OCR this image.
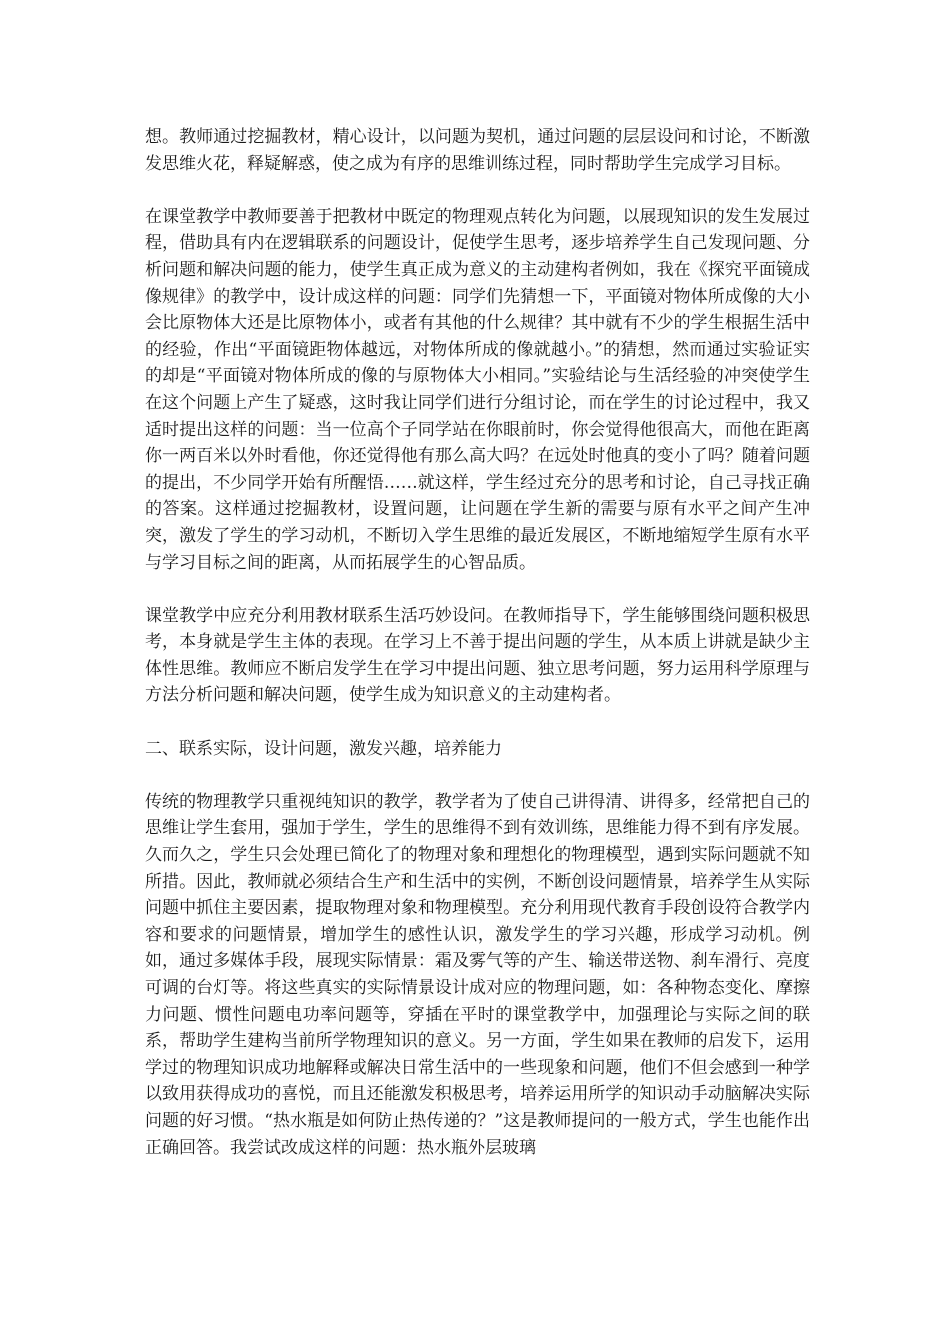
想。教师通过挖掘教材，精心设计，以问题为契机，通过问题的层层设问和讨论，不断激发思维火花，释疑解惑，使之成为有序的思维训练过程，同时帮助学生完成学习目标。

在课堂教学中教师要善于把教材中既定的物理观点转化为问题，以展现知识的发生发展过程，借助具有内在逻辑联系的问题设计，促使学生思考，逐步培养学生自己发现问题、分析问题和解决问题的能力，使学生真正成为意义的主动建构者例如，我在《探究平面镜成像规律》的教学中，设计成这样的问题：同学们先猜想一下，平面镜对物体所成像的大小会比原物体大还是比原物体小，或者有其他的什么规律？其中就有不少的学生根据生活中的经验，作出“平面镜距物体越远，对物体所成的像就越小。”的猜想，然而通过实验证实的却是“平面镜对物体所成的像的与原物体大小相同。”实验结论与生活经验的冲突使学生在这个问题上产生了疑惑，这时我让同学们进行分组讨论，而在学生的讨论过程中，我又适时提出这样的问题：当一位高个子同学站在你眼前时，你会觉得他很高大，而他在距离你一两百米以外时看他，你还觉得他有那么高大吗？在远处时他真的变小了吗？随着问题的提出，不少同学开始有所醒悟……就这样，学生经过充分的思考和讨论，自己寻找正确的答案。这样通过挖掘教材，设置问题，让问题在学生新的需要与原有水平之间产生冲突，激发了学生的学习动机，不断切入学生思维的最近发展区，不断地缩短学生原有水平与学习目标之间的距离，从而拓展学生的心智品质。

课堂教学中应充分利用教材联系生活巧妙设问。在教师指导下，学生能够围绕问题积极思考，本身就是学生主体的表现。在学习上不善于提出问题的学生，从本质上讲就是缺少主体性思维。教师应不断启发学生在学习中提出问题、独立思考问题，努力运用科学原理与方法分析问题和解决问题，使学生成为知识意义的主动建构者。

二、联系实际，设计问题，激发兴趣，培养能力

传统的物理教学只重视纯知识的教学，教学者为了使自己讲得清、讲得多，经常把自己的思维让学生套用，强加于学生，学生的思维得不到有效训练，思维能力得不到有序发展。久而久之，学生只会处理已简化了的物理对象和理想化的物理模型，遇到实际问题就不知所措。因此，教师就必须结合生产和生活中的实例，不断创设问题情景，培养学生从实际问题中抓住主要因素，提取物理对象和物理模型。充分利用现代教育手段创设符合教学内容和要求的问题情景，增加学生的感性认识，激发学生的学习兴趣，形成学习动机。例如，通过多媒体手段，展现实际情景：霜及雾气等的产生、输送带送物、刹车滑行、亮度可调的台灯等。将这些真实的实际情景设计成对应的物理问题，如：各种物态变化、摩擦力问题、惯性问题电功率问题等，穿插在平时的课堂教学中，加强理论与实际之间的联系，帮助学生建构当前所学物理知识的意义。另一方面，学生如果在教师的启发下，运用学过的物理知识成功地解释或解决日常生活中的一些现象和问题，他们不但会感到一种学以致用获得成功的喜悦，而且还能激发积极思考，培养运用所学的知识动手动脑解决实际问题的好习惯。“热水瓶是如何防止热传递的？”这是教师提问的一般方式，学生也能作出正确回答。我尝试改成这样的问题：热水瓶外层玻璃
